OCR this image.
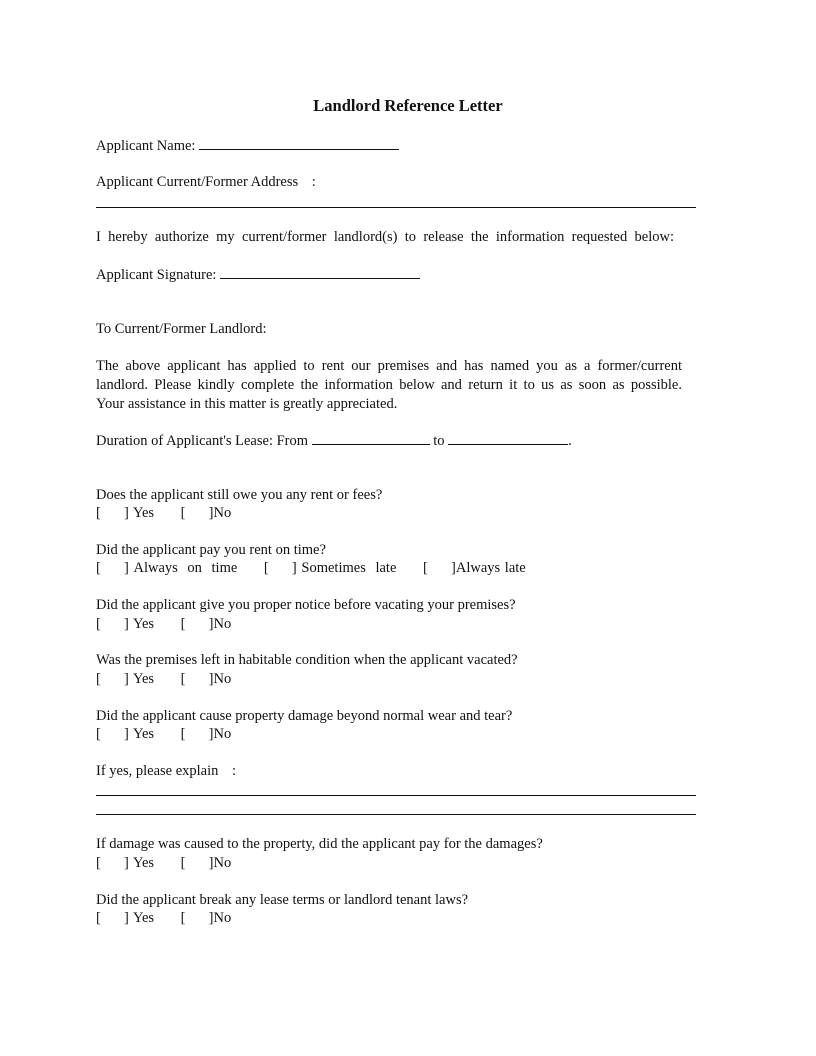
Landlord Reference Letter
Applicant Name:
Applicant Current/Former Address :
I hereby authorize my current/former landlord(s) to release the information requested below:
Applicant Signature:
To Current/Former Landlord:
The above applicant has applied to rent our premises and has named you as a former/current
landlord. Please kindly complete the information below and return it to us as soon as possible.
Your assistance in this matter is greatly appreciated.
Duration of Applicant's Lease: From	to	.
Does the applicant still owe you any rent or fees?
[ ] Yes [ ]No
Did the applicant pay you rent on time?
[ ] Always on time [ ] Sometimes late [ ]Always late
Did the applicant give you proper notice before vacating your premises?
[ ] Yes [ ]No
Was the premises left in habitable condition when the applicant vacated?
[ ] Yes [ ]No
Did the applicant cause property damage beyond normal wear and tear?
[ ] Yes [ ]No
If yes, please explain :
If damage was caused to the property, did the applicant pay for the damages?
[ ] Yes [ ]No
Did the applicant break any lease terms or landlord tenant laws?
[ ] Yes [ ]No
